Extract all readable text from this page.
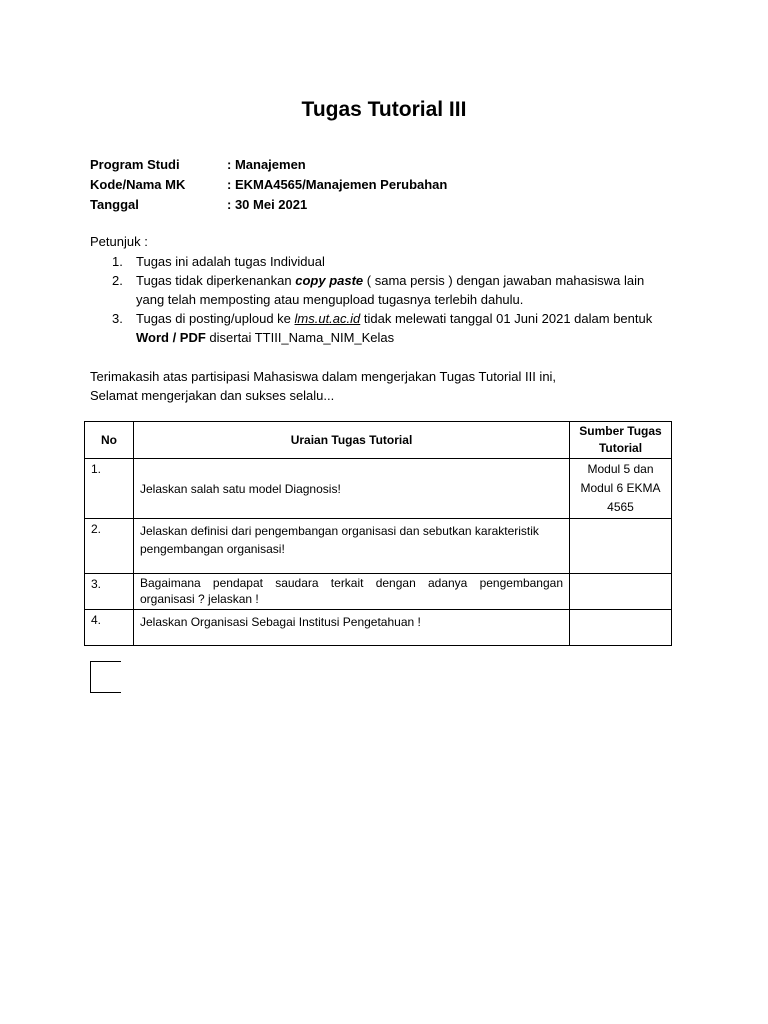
Tugas Tutorial III
Program Studi	: Manajemen
Kode/Nama MK	: EKMA4565/Manajemen Perubahan
Tanggal	: 30 Mei 2021
Petunjuk :
1. Tugas ini adalah tugas Individual
2. Tugas tidak diperkenankan copy paste ( sama persis ) dengan jawaban mahasiswa lain yang telah memposting atau mengupload tugasnya terlebih dahulu.
3. Tugas di posting/uploud ke lms.ut.ac.id tidak melewati tanggal 01 Juni 2021 dalam bentuk Word / PDF disertai TTIII_Nama_NIM_Kelas
Terimakasih atas partisipasi Mahasiswa dalam mengerjakan Tugas Tutorial III ini,
Selamat mengerjakan dan sukses selalu...
No	Uraian Tugas Tutorial	Sumber Tugas Tutorial
1.	Jelaskan salah satu model Diagnosis!	Modul 5 dan Modul 6 EKMA 4565
2.	Jelaskan definisi dari pengembangan organisasi dan sebutkan karakteristik pengembangan organisasi!	
3.	Bagaimana pendapat saudara terkait dengan adanya pengembangan organisasi ? jelaskan !	
4.	Jelaskan Organisasi Sebagai Institusi Pengetahuan !	
